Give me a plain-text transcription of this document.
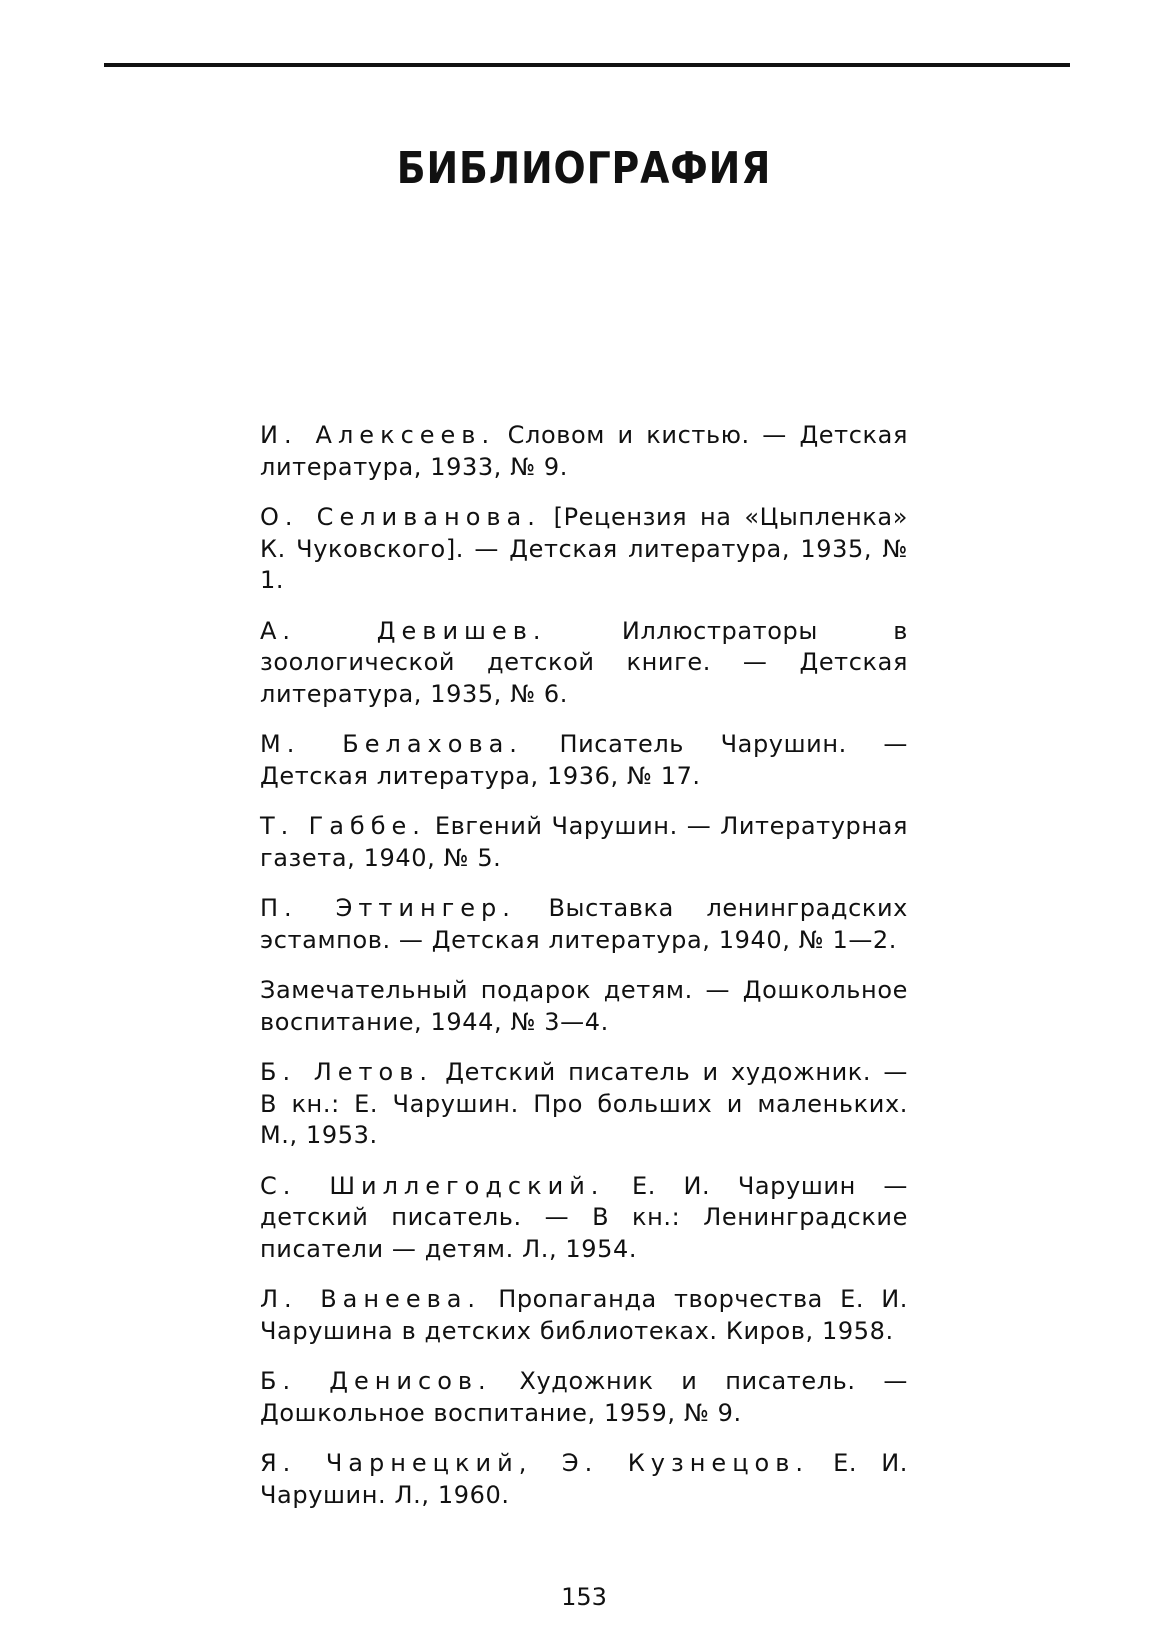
БИБЛИОГРАФИЯ
И. Алексеев. Словом и кистью. — Детская литература, 1933, № 9.
О. Селиванова. [Рецензия на «Цыпленка» К. Чуковского]. — Детская литература, 1935, № 1.
А. Девишев. Иллюстраторы в зоологической детской книге. — Детская литература, 1935, № 6.
М. Белахова. Писатель Чарушин. — Детская литература, 1936, № 17.
Т. Габбе. Евгений Чарушин. — Литературная газета, 1940, № 5.
П. Эттингер. Выставка ленинградских эстампов. — Детская литература, 1940, № 1—2.
Замечательный подарок детям. — Дошкольное воспитание, 1944, № 3—4.
Б. Летов. Детский писатель и художник. — В кн.: Е. Чарушин. Про больших и маленьких. М., 1953.
С. Шиллегодский. Е. И. Чарушин — детский писатель. — В кн.: Ленинградские писатели — детям. Л., 1954.
Л. Ванеева. Пропаганда творчества Е. И. Чарушина в детских библиотеках. Киров, 1958.
Б. Денисов. Художник и писатель. — Дошкольное воспитание, 1959, № 9.
Я. Чарнецкий, Э. Кузнецов. Е. И. Чарушин. Л., 1960.
153
